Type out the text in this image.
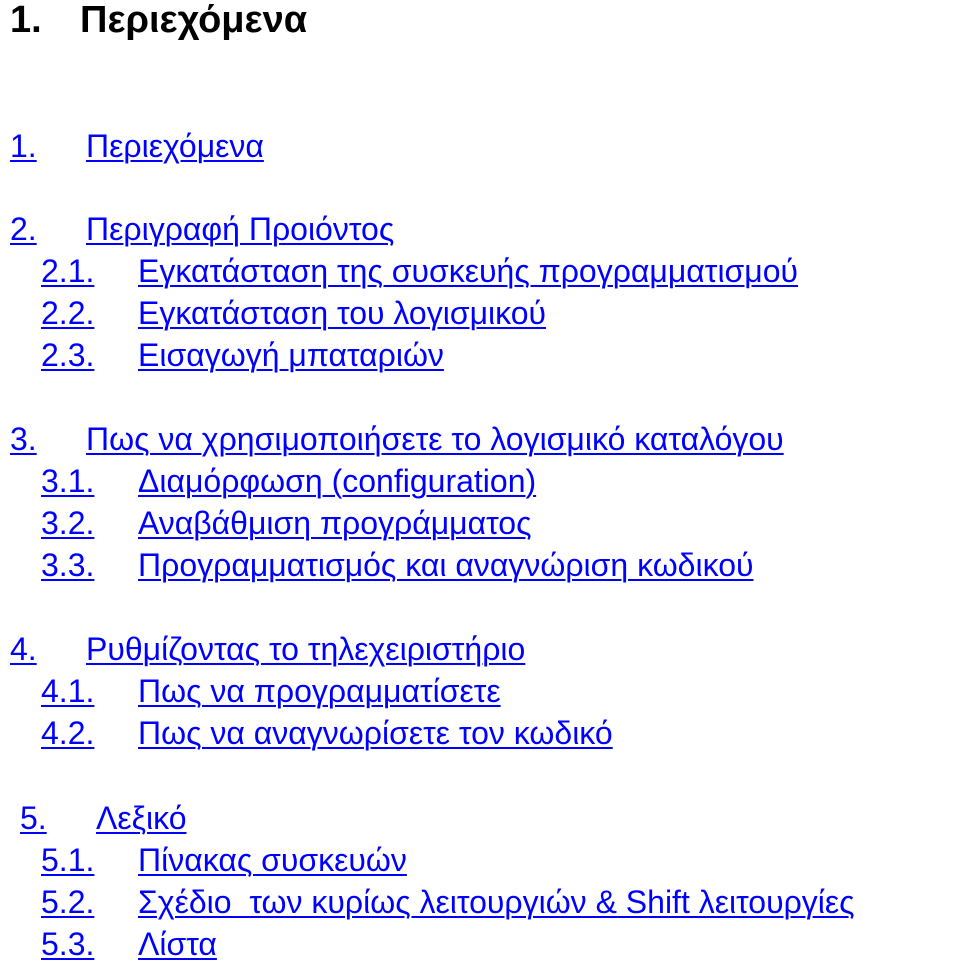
1. Περιεχόμενα
1. Περιεχόμενα
2. Περιγραφή Προιόντος
2.1. Εγκατάσταση της συσκευής προγραμματισμού
2.2. Εγκατάσταση του λογισμικού
2.3. Εισαγωγή μπαταριών
3. Πως να χρησιμοποιήσετε το λογισμικό καταλόγου
3.1. Διαμόρφωση (configuration)
3.2. Αναβάθμιση προγράμματος
3.3. Προγραμματισμός και αναγνώριση κωδικού
4. Ρυθμίζοντας το τηλεχειριστήριο
4.1. Πως να προγραμματίσετε
4.2. Πως να αναγνωρίσετε τον κωδικό
5. Λεξικό
5.1. Πίνακας συσκευών
5.2. Σχέδιο  των κυρίως λειτουργιών & Shift λειτουργίες
5.3. Λίστα
